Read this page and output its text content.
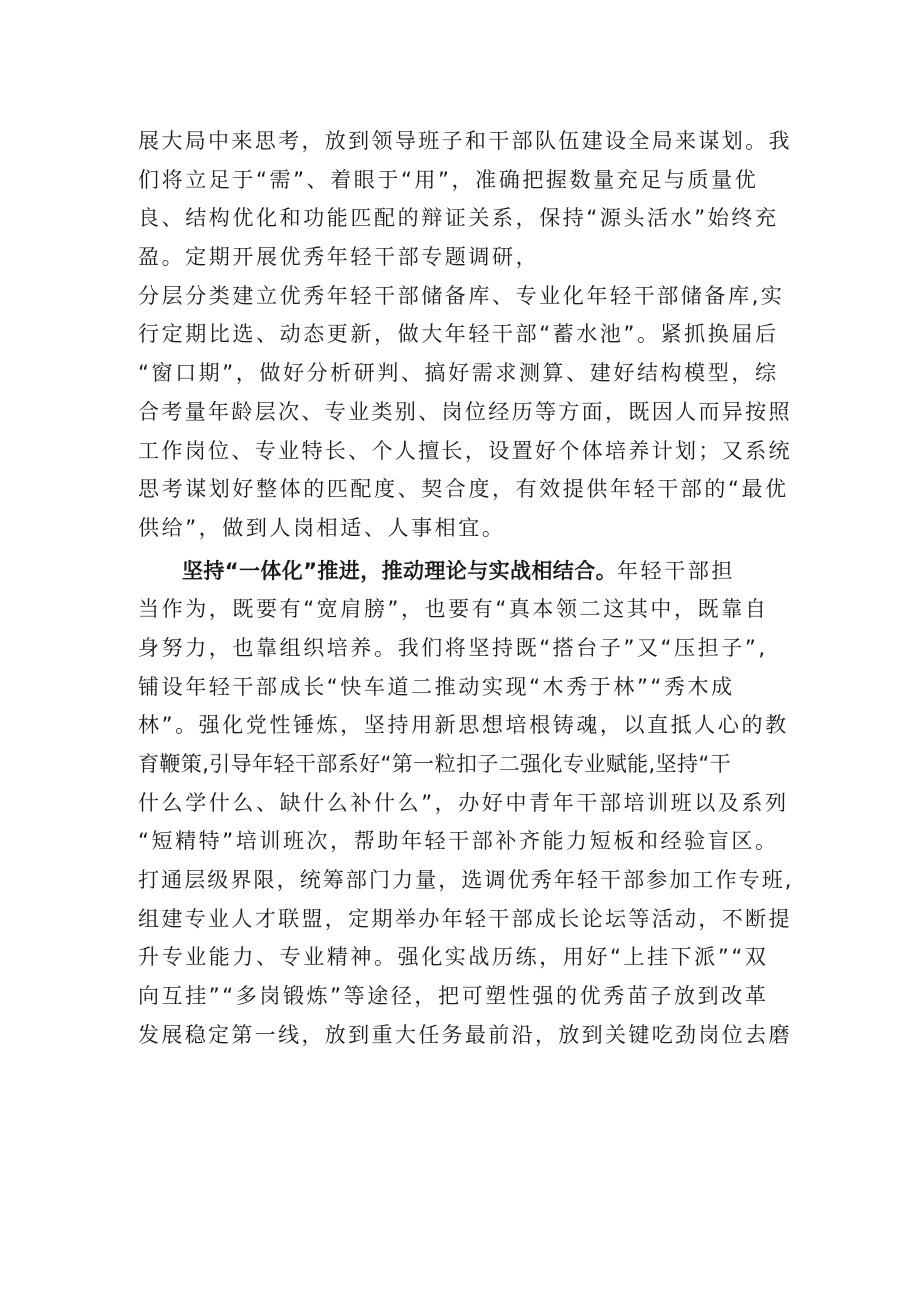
展大局中来思考，放到领导班子和干部队伍建设全局来谋划。我
们将立足于“需”、着眼于“用”，准确把握数量充足与质量优
良、结构优化和功能匹配的辩证关系，保持“源头活水”始终充
盈。定期开展优秀年轻干部专题调研，
分层分类建立优秀年轻干部储备库、专业化年轻干部储备库,实
行定期比选、动态更新，做大年轻干部“蓄水池”。紧抓换届后
“窗口期”，做好分析研判、搞好需求测算、建好结构模型，综
合考量年龄层次、专业类别、岗位经历等方面，既因人而异按照
工作岗位、专业特长、个人擅长，设置好个体培养计划；又系统
思考谋划好整体的匹配度、契合度，有效提供年轻干部的“最优
供给”，做到人岗相适、人事相宜。
坚持“一体化”推进，推动理论与实战相结合。年轻干部担
当作为，既要有“宽肩膀”，也要有“真本领二这其中，既靠自
身努力，也靠组织培养。我们将坚持既“搭台子”又“压担子”,
铺设年轻干部成长“快车道二推动实现“木秀于林”“秀木成
林”。强化党性锤炼，坚持用新思想培根铸魂，以直抵人心的教
育鞭策,引导年轻干部系好“第一粒扣子二强化专业赋能,坚持“干
什么学什么、缺什么补什么”，办好中青年干部培训班以及系列
“短精特”培训班次，帮助年轻干部补齐能力短板和经验盲区。
打通层级界限，统筹部门力量，选调优秀年轻干部参加工作专班,
组建专业人才联盟，定期举办年轻干部成长论坛等活动，不断提
升专业能力、专业精神。强化实战历练，用好“上挂下派”“双
向互挂”“多岗锻炼”等途径，把可塑性强的优秀苗子放到改革
发展稳定第一线，放到重大任务最前沿，放到关键吃劲岗位去磨
